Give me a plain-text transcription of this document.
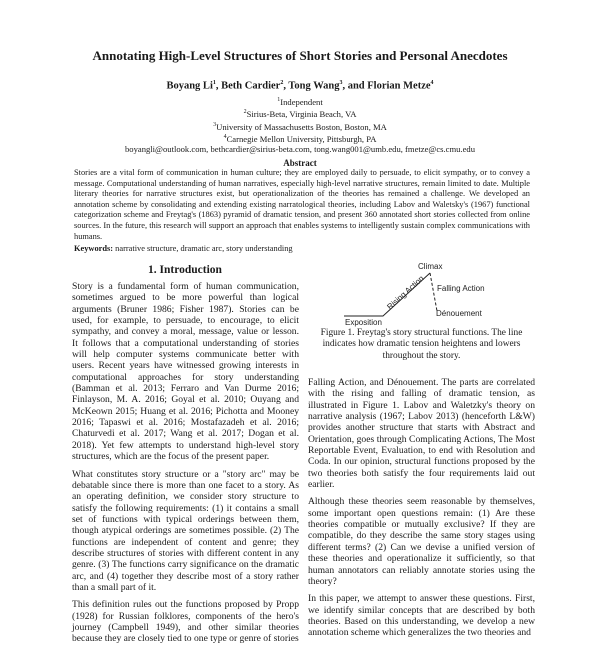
Annotating High-Level Structures of Short Stories and Personal Anecdotes
Boyang Li$^1$, Beth Cardier$^2$, Tong Wang$^3$, and Florian Metze$^4$
$^1$Independent
$^2$Sirius-Beta, Virginia Beach, VA
$^3$University of Massachusetts Boston, Boston, MA
$^4$Carnegie Mellon University, Pittsburgh, PA
boyangli@outlook.com, bethcardier@sirius-beta.com, tong.wang001@umb.edu, fmetze@cs.cmu.edu
Abstract
Stories are a vital form of communication in human culture; they are employed daily to persuade, to elicit sympathy, or to convey a message. Computational understanding of human narratives, especially high-level narrative structures, remain limited to date. Multiple literary theories for narrative structures exist, but operationalization of the theories has remained a challenge. We developed an annotation scheme by consolidating and extending existing narratological theories, including Labov and Waletsky's (1967) functional categorization scheme and Freytag's (1863) pyramid of dramatic tension, and present 360 annotated short stories collected from online sources. In the future, this research will support an approach that enables systems to intelligently sustain complex communications with humans.
Keywords: narrative structure, dramatic arc, story understanding
1. Introduction

Story is a fundamental form of human communication, sometimes argued to be more powerful than logical arguments (Bruner 1986; Fisher 1987). Stories can be used, for example, to persuade, to encourage, to elicit sympathy, and convey a moral, message, value or lesson. It follows that a computational understanding of stories will help computer systems communicate better with users. Recent years have witnessed growing interests in computational approaches for story understanding (Bamman et al. 2013; Ferraro and Van Durme 2016; Finlayson, M. A. 2016; Goyal et al. 2010; Ouyang and McKeown 2015; Huang et al. 2016; Pichotta and Mooney 2016; Tapaswi et al. 2016; Mostafazadeh et al. 2016; Chaturvedi et al. 2017; Wang et al. 2017; Dogan et al. 2018). Yet few attempts to understand high-level story structures, which are the focus of the present paper.

What constitutes story structure or a "story arc" may be debatable since there is more than one facet to a story. As an operating definition, we consider story structure to satisfy the following requirements: (1) it contains a small set of functions with typical orderings between them, though atypical orderings are sometimes possible. (2) The functions are independent of content and genre; they describe structures of stories with different content in any genre. (3) The functions carry significance on the dramatic arc, and (4) together they describe most of a story rather than a small part of it.

This definition rules out the functions proposed by Propp (1928) for Russian folklores, components of the hero's journey (Campbell 1949), and other similar theories because they are closely tied to one type or genre of stories

Climax
Falling Action
Dénouement
Exposition
Rising Action
Figure 1. Freytag's story structural functions. The line indicates how dramatic tension heightens and lowers throughout the story.

Falling Action, and Dénouement. The parts are correlated with the rising and falling of dramatic tension, as illustrated in Figure 1. Labov and Waletzky's theory on narrative analysis (1967; Labov 2013) (henceforth L&W) provides another structure that starts with Abstract and Orientation, goes through Complicating Actions, The Most Reportable Event, Evaluation, to end with Resolution and Coda. In our opinion, structural functions proposed by the two theories both satisfy the four requirements laid out earlier.

Although these theories seem reasonable by themselves, some important open questions remain: (1) Are these theories compatible or mutually exclusive? If they are compatible, do they describe the same story stages using different terms? (2) Can we devise a unified version of these theories and operationalize it sufficiently, so that human annotators can reliably annotate stories using the theory?

In this paper, we attempt to answer these questions. First, we identify similar concepts that are described by both theories. Based on this understanding, we develop a new annotation scheme which generalizes the two theories and
